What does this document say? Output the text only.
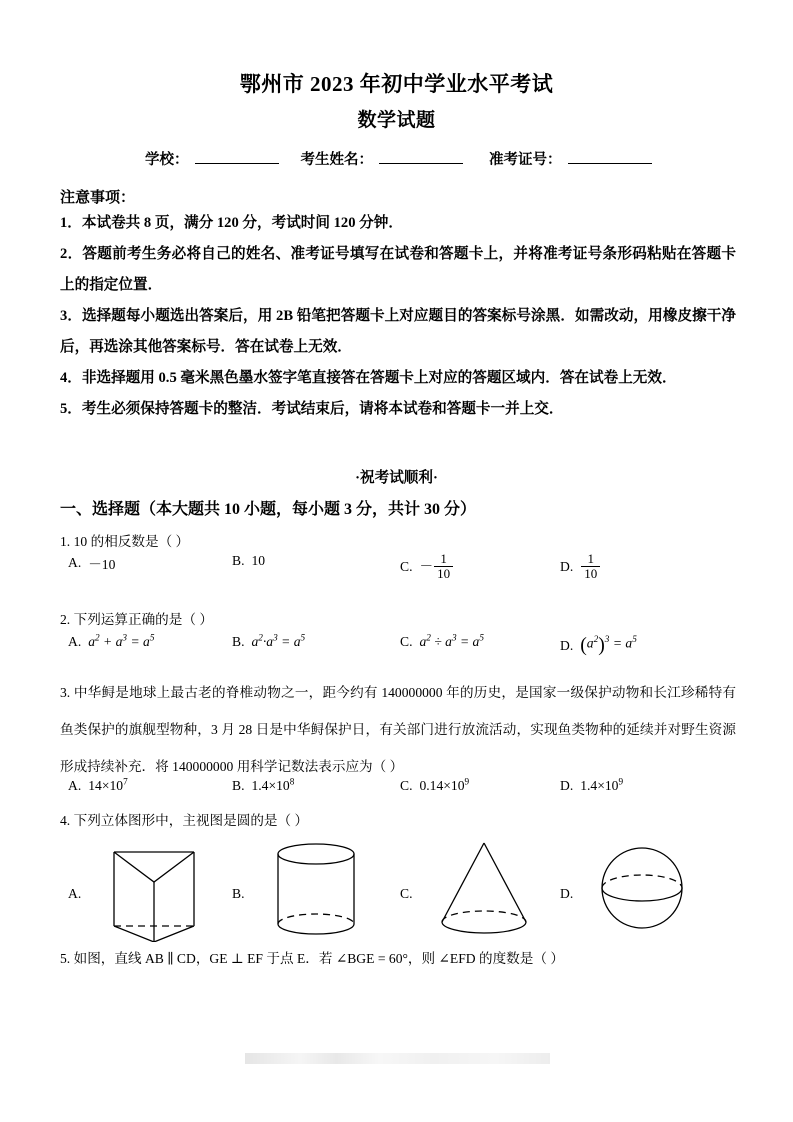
鄂州市 2023 年初中学业水平考试
数学试题
学校：	考生姓名：	准考证号：
注意事项：

1．本试卷共 8 页，满分 120 分，考试时间 120 分钟．

2．答题前考生务必将自己的姓名、准考证号填写在试卷和答题卡上，并将准考证号条形码粘贴在答题卡上的指定位置．

3．选择题每小题选出答案后，用 2B 铅笔把答题卡上对应题目的答案标号涂黑．如需改动，用橡皮擦干净后，再选涂其他答案标号．答在试卷上无效．

4．非选择题用 0.5 毫米黑色墨水签字笔直接答在答题卡上对应的答题区域内．答在试卷上无效．

5．考生必须保持答题卡的整洁．考试结束后，请将本试卷和答题卡一并上交．

·祝考试顺利·
一、选择题（本大题共 10 小题，每小题 3 分，共计 30 分）
1. 10 的相反数是（ ）
A. －10	B. 10	C. － $\frac{1}{10}$	D. $\frac{1}{10}$
2. 下列运算正确的是（ ）
A. $a^2 + a^3 = a^5$	B. $a^2\cdot a^3 = a^5$	C. $a^2 \div a^3 = a^5$
D. $(a^2)^3 = a^5$
3. 中华鲟是地球上最古老的脊椎动物之一，距今约有 140000000 年的历史，是国家一级保护动物和长江珍稀特有鱼类保护的旗舰型物种，3 月 28 日是中华鲟保护日，有关部门进行放流活动，实现鱼类物种的延续并对野生资源形成持续补充．将 140000000 用科学记数法表示应为（ ）
A. $14\times 10^7$	B. $1.4\times 10^8$	C. $0.14\times 10^9$	D. $1.4\times 10^9$
4. 下列立体图形中，主视图是圆的是（ ）
A.	B.	C.	D.
5. 如图，直线 AB ∥ CD，GE ⊥ EF 于点 E．若 ∠BGE = 60°，则 ∠EFD 的度数是（ ）
